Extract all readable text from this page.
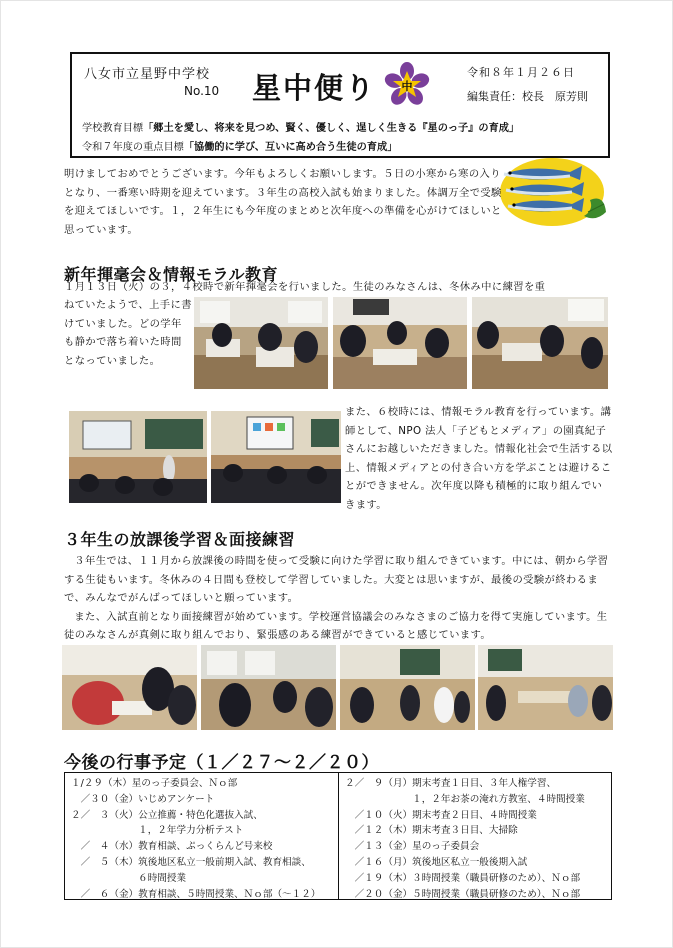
八女市立星野中学校
No.10 星中便り 中
令和８年１月２６日
編集責任：校長　原芳則
学校教育目標「郷土を愛し、将来を見つめ、賢く、優しく、逞しく生きる『星のっ子』の育成」
令和７年度の重点目標「協働的に学び、互いに高め合う生徒の育成」
明けましておめでとうございます。今年もよろしくお願いします。５日の小寒から寒の入りとなり、一番寒い時期を迎えています。３年生の高校入試も始まりました。体調万全で受験を迎えてほしいです。１，２年生にも今年度のまとめと次年度への準備を心がけてほしいと思っています。
新年揮毫会＆情報モラル教育
１月１３日（火）の３，４校時で新年揮毫会を行いました。生徒のみなさんは、冬休み中に練習を重
ねていたようで、上手に書けていました。どの学年も静かで落ち着いた時間となっていました。
また、６校時には、情報モラル教育を行っています。講師として、NPO 法人「子どもとメディア」の園真紀子さんにお越しいただきました。情報化社会で生活する以上、情報メディアとの付き合い方を学ぶことは避けることができません。次年度以降も積極的に取り組んでいきます。
３年生の放課後学習＆面接練習
３年生では、１１月から放課後の時間を使って受験に向けた学習に取り組んできています。中には、朝から学習する生徒もいます。冬休みの４日間も登校して学習していました。大変とは思いますが、最後の受験が終わるまで、みんなでがんばってほしいと願っています。
また、入試直前となり面接練習が始めています。学校運営協議会のみなさまのご協力を得て実施しています。生徒のみなさんが真剣に取り組んでおり、緊張感のある練習ができていると感じています。
今後の行事予定（１／２７～２／２０）
１/２９（木）星のっ子委員会、Ｎｏ部
　／３０（金）いじめアンケート
２／　３（火）公立推薦・特色化選抜入試、
　　　　　　　１，２年学力分析テスト
　／　４（水）教育相談、ぷっくらんど号来校
　／　５（木）筑後地区私立一般前期入試、教育相談、
　　　　　　　６時間授業
　／　６（金）教育相談、５時間授業、Ｎｏ部（～１２）
２／　９（月）期末考査１日目、３年人権学習、
　　　　　　　１，２年お茶の淹れ方教室、４時間授業
　／１０（火）期末考査２日目、４時間授業
　／１２（木）期末考査３日目、大掃除
　／１３（金）星のっ子委員会
　／１６（月）筑後地区私立一般後期入試
　／１９（木）３時間授業（職員研修のため）、Ｎｏ部
　／２０（金）５時間授業（職員研修のため）、Ｎｏ部
